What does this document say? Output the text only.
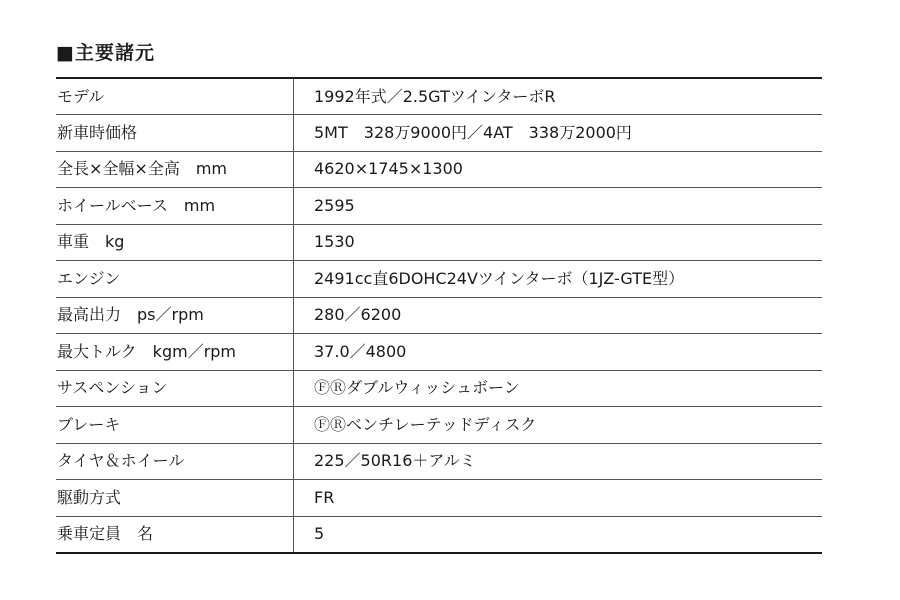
■主要諸元
モデル	1992年式／2.5GTツインターボR
新車時価格	5MT　328万9000円／4AT　338万2000円
全長×全幅×全高　mm	4620×1745×1300
ホイールベース　mm	2595
車重　kg	1530
エンジン	2491cc直6DOHC24Vツインターボ（1JZ-GTE型）
最高出力　ps／rpm	280／6200
最大トルク　kgm／rpm	37.0／4800
サスペンション	ⒻⓇダブルウィッシュボーン
ブレーキ	ⒻⓇベンチレーテッドディスク
タイヤ＆ホイール	225／50R16＋アルミ
駆動方式	FR
乗車定員　名	5
